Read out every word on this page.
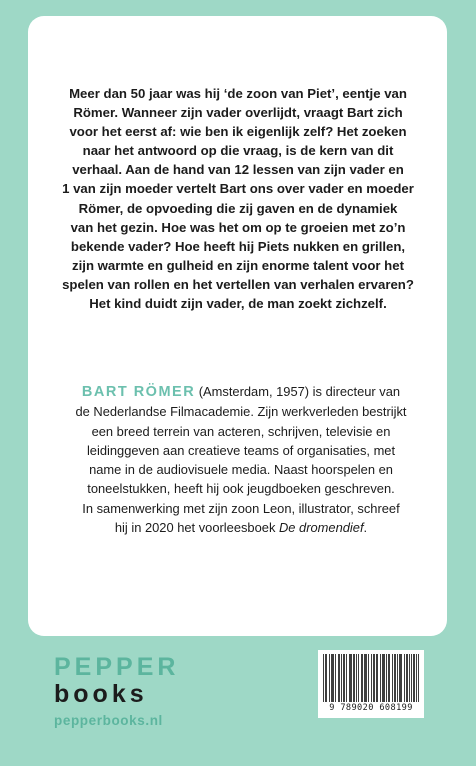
Meer dan 50 jaar was hij ‘de zoon van Piet’, eentje van
Römer. Wanneer zijn vader overlijdt, vraagt Bart zich
voor het eerst af: wie ben ik eigenlijk zelf? Het zoeken
naar het antwoord op die vraag, is de kern van dit
verhaal. Aan de hand van 12 lessen van zijn vader en
1 van zijn moeder vertelt Bart ons over vader en moeder
Römer, de opvoeding die zij gaven en de dynamiek
van het gezin. Hoe was het om op te groeien met zo’n
bekende vader? Hoe heeft hij Piets nukken en grillen,
zijn warmte en gulheid en zijn enorme talent voor het
spelen van rollen en het vertellen van verhalen ervaren?
Het kind duidt zijn vader, de man zoekt zichzelf.

BART RÖMER (Amsterdam, 1957) is directeur van
de Nederlandse Filmacademie. Zijn werkverleden bestrijkt
een breed terrein van acteren, schrijven, televisie en
leidinggeven aan creatieve teams of organisaties, met
name in de audiovisuele media. Naast hoorspelen en
toneelstukken, heeft hij ook jeugdboeken geschreven.
In samenwerking met zijn zoon Leon, illustrator, schreef
hij in 2020 het voorleesboek De dromendief.

PEPPER
books
pepperbooks.nl
9 789020 608199
